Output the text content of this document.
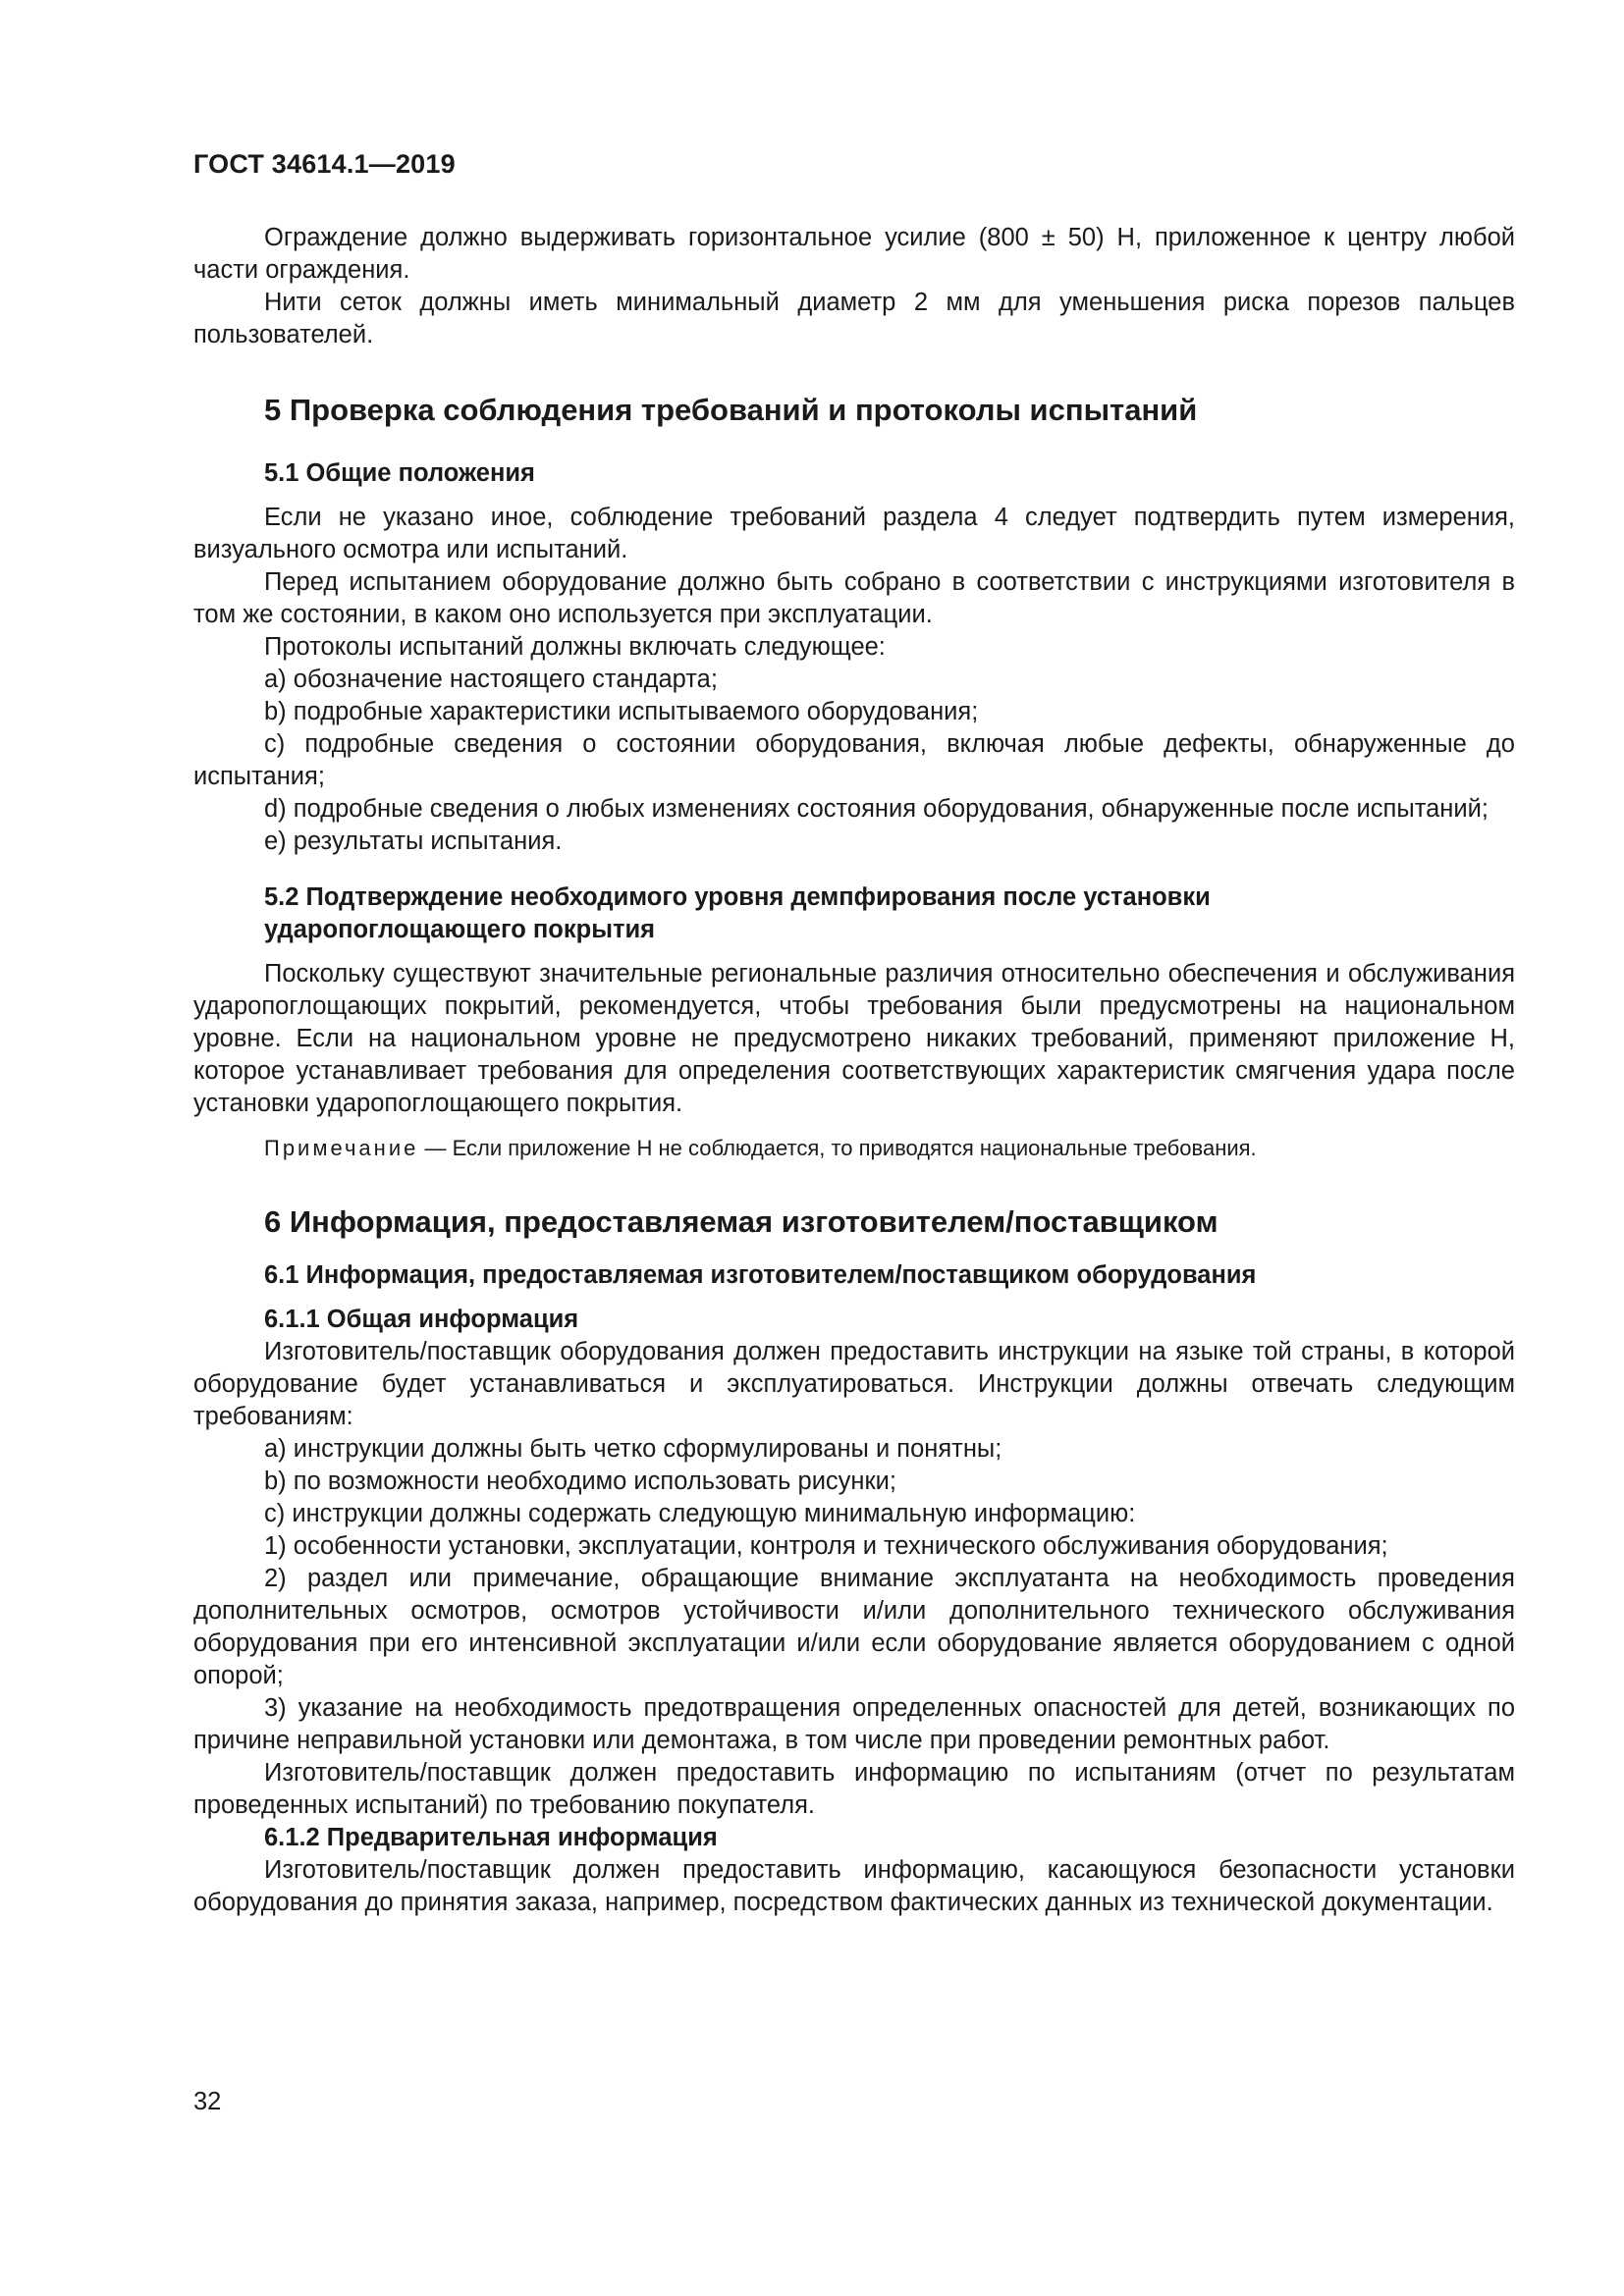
ГОСТ 34614.1—2019

Ограждение должно выдерживать горизонтальное усилие (800 ± 50) Н, приложенное к центру любой части ограждения.

Нити сеток должны иметь минимальный диаметр 2 мм для уменьшения риска порезов пальцев пользователей.

5 Проверка соблюдения требований и протоколы испытаний

5.1 Общие положения

Если не указано иное, соблюдение требований раздела 4 следует подтвердить путем измерения, визуального осмотра или испытаний.

Перед испытанием оборудование должно быть собрано в соответствии с инструкциями изготовителя в том же состоянии, в каком оно используется при эксплуатации.

Протоколы испытаний должны включать следующее:

а) обозначение настоящего стандарта;

b) подробные характеристики испытываемого оборудования;

с) подробные сведения о состоянии оборудования, включая любые дефекты, обнаруженные до испытания;

d) подробные сведения о любых изменениях состояния оборудования, обнаруженные после испытаний;

е) результаты испытания.

5.2 Подтверждение необходимого уровня демпфирования после установки
ударопоглощающего покрытия

Поскольку существуют значительные региональные различия относительно обеспечения и обслуживания ударопоглощающих покрытий, рекомендуется, чтобы требования были предусмотрены на национальном уровне. Если на национальном уровне не предусмотрено никаких требований, применяют приложение Н, которое устанавливает требования для определения соответствующих характеристик смягчения удара после установки ударопоглощающего покрытия.

Примечание — Если приложение Н не соблюдается, то приводятся национальные требования.

6 Информация, предоставляемая изготовителем/поставщиком

6.1 Информация, предоставляемая изготовителем/поставщиком оборудования

6.1.1 Общая информация

Изготовитель/поставщик оборудования должен предоставить инструкции на языке той страны, в которой оборудование будет устанавливаться и эксплуатироваться. Инструкции должны отвечать следующим требованиям:

а) инструкции должны быть четко сформулированы и понятны;

b) по возможности необходимо использовать рисунки;

с) инструкции должны содержать следующую минимальную информацию:

1) особенности установки, эксплуатации, контроля и технического обслуживания оборудования;

2) раздел или примечание, обращающие внимание эксплуатанта на необходимость проведения дополнительных осмотров, осмотров устойчивости и/или дополнительного технического обслуживания оборудования при его интенсивной эксплуатации и/или если оборудование является оборудованием с одной опорой;

3) указание на необходимость предотвращения определенных опасностей для детей, возникающих по причине неправильной установки или демонтажа, в том числе при проведении ремонтных работ.

Изготовитель/поставщик должен предоставить информацию по испытаниям (отчет по результатам проведенных испытаний) по требованию покупателя.

6.1.2 Предварительная информация

Изготовитель/поставщик должен предоставить информацию, касающуюся безопасности установки оборудования до принятия заказа, например, посредством фактических данных из технической документации.

32
